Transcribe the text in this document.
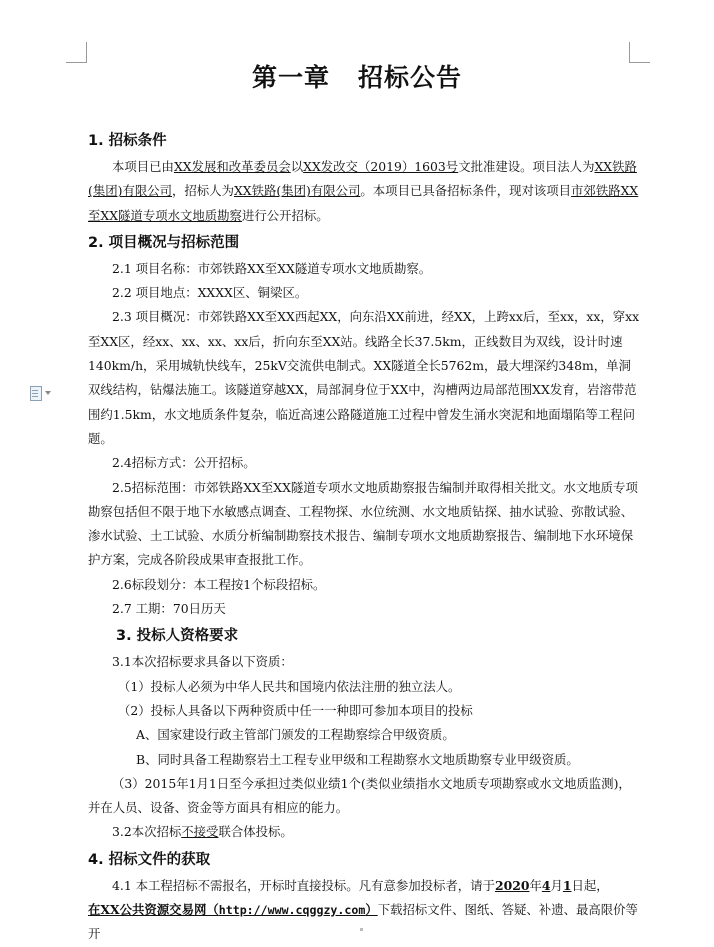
第一章 招标公告
1. 招标条件

本项目已由XX发展和改革委员会以XX发改交（2019）1603号文批准建设。项目法人为XX铁路(集团)有限公司，招标人为XX铁路(集团)有限公司。本项目已具备招标条件，现对该项目市郊铁路XX至XX隧道专项水文地质勘察进行公开招标。

2. 项目概况与招标范围

2.1 项目名称：市郊铁路XX至XX隧道专项水文地质勘察。

2.2 项目地点：XXXX区、铜梁区。

2.3 项目概况：市郊铁路XX至XX西起XX，向东沿XX前进，经XX，上跨xx后，至xx，xx，穿xx至XX区，经xx、xx、xx、xx后，折向东至XX站。线路全长37.5km，正线数目为双线，设计时速140km/h，采用城轨快线车，25kV交流供电制式。XX隧道全长5762m，最大埋深约348m，单洞双线结构，钻爆法施工。该隧道穿越XX，局部洞身位于XX中，沟槽两边局部范围XX发育，岩溶带范围约1.5km，水文地质条件复杂，临近高速公路隧道施工过程中曾发生涌水突泥和地面塌陷等工程问题。

2.4招标方式：公开招标。

2.5招标范围：市郊铁路XX至XX隧道专项水文地质勘察报告编制并取得相关批文。水文地质专项勘察包括但不限于地下水敏感点调查、工程物探、水位统测、水文地质钻探、抽水试验、弥散试验、渗水试验、土工试验、水质分析编制勘察技术报告、编制专项水文地质勘察报告、编制地下水环境保护方案，完成各阶段成果审查报批工作。

2.6标段划分：本工程按1个标段招标。

2.7 工期：70日历天

3. 投标人资格要求

3.1本次招标要求具备以下资质：

（1）投标人必须为中华人民共和国境内依法注册的独立法人。

（2）投标人具备以下两种资质中任一一种即可参加本项目的投标

A、国家建设行政主管部门颁发的工程勘察综合甲级资质。

B、同时具备工程勘察岩土工程专业甲级和工程勘察水文地质勘察专业甲级资质。

（3）2015年1月1日至今承担过类似业绩1个(类似业绩指水文地质专项勘察或水文地质监测)，并在人员、设备、资金等方面具有相应的能力。

3.2本次招标不接受联合体投标。

4. 招标文件的获取

4.1 本工程招标不需报名，开标时直接投标。凡有意参加投标者，请于2020年4月1日起，

在XX公共资源交易网（http://www.cqggzy.com）下载招标文件、图纸、答疑、补遗、最高限价等开
